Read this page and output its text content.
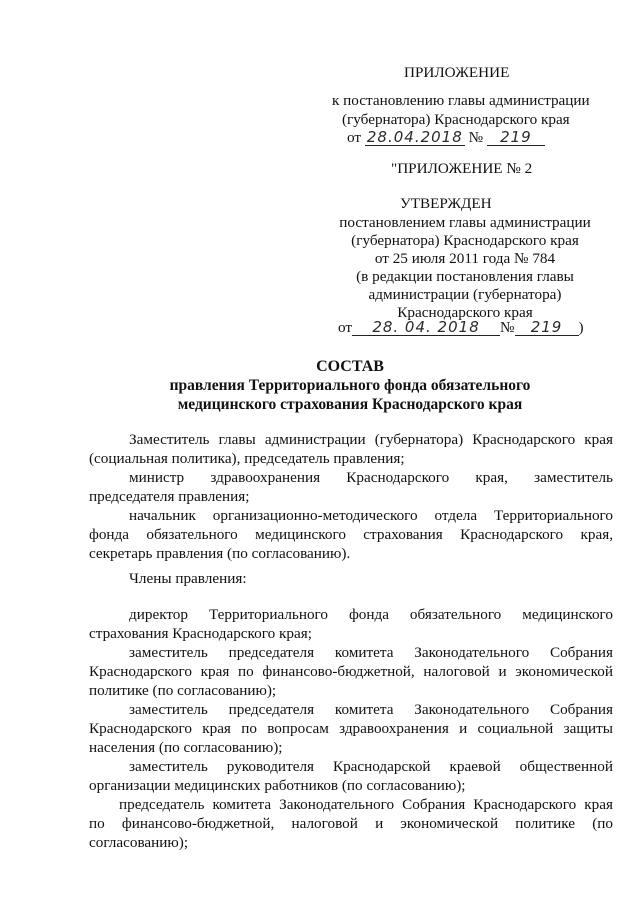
ПРИЛОЖЕНИЕ
к постановлению главы администрации
(губернатора) Краснодарского края
от 28.04.2018 № 219
"ПРИЛОЖЕНИЕ № 2
УТВЕРЖДЕН
постановлением главы администрации
(губернатора) Краснодарского края
от 25 июля 2011 года № 784
(в редакции постановления главы
администрации (губернатора)
Краснодарского края
от 28. 04. 2018 № 219 )
СОСТАВ
правления Территориального фонда обязательного
медицинского страхования Краснодарского края
Заместитель главы администрации (губернатора) Краснодарского края
(социальная политика), председатель правления;
министр здравоохранения Краснодарского края, заместитель
председателя правления;
начальник организационно-методического отдела Территориального
фонда обязательного медицинского страхования Краснодарского края,
секретарь правления (по согласованию).
Члены правления:
директор Территориального фонда обязательного медицинского
страхования Краснодарского края;
заместитель председателя комитета Законодательного Собрания
Краснодарского края по финансово-бюджетной, налоговой и экономической
политике (по согласованию);
заместитель председателя комитета Законодательного Собрания
Краснодарского края по вопросам здравоохранения и социальной защиты
населения (по согласованию);
заместитель руководителя Краснодарской краевой общественной
организации медицинских работников (по согласованию);
председатель комитета Законодательного Собрания Краснодарского края
по финансово-бюджетной, налоговой и экономической политике (по
согласованию);
